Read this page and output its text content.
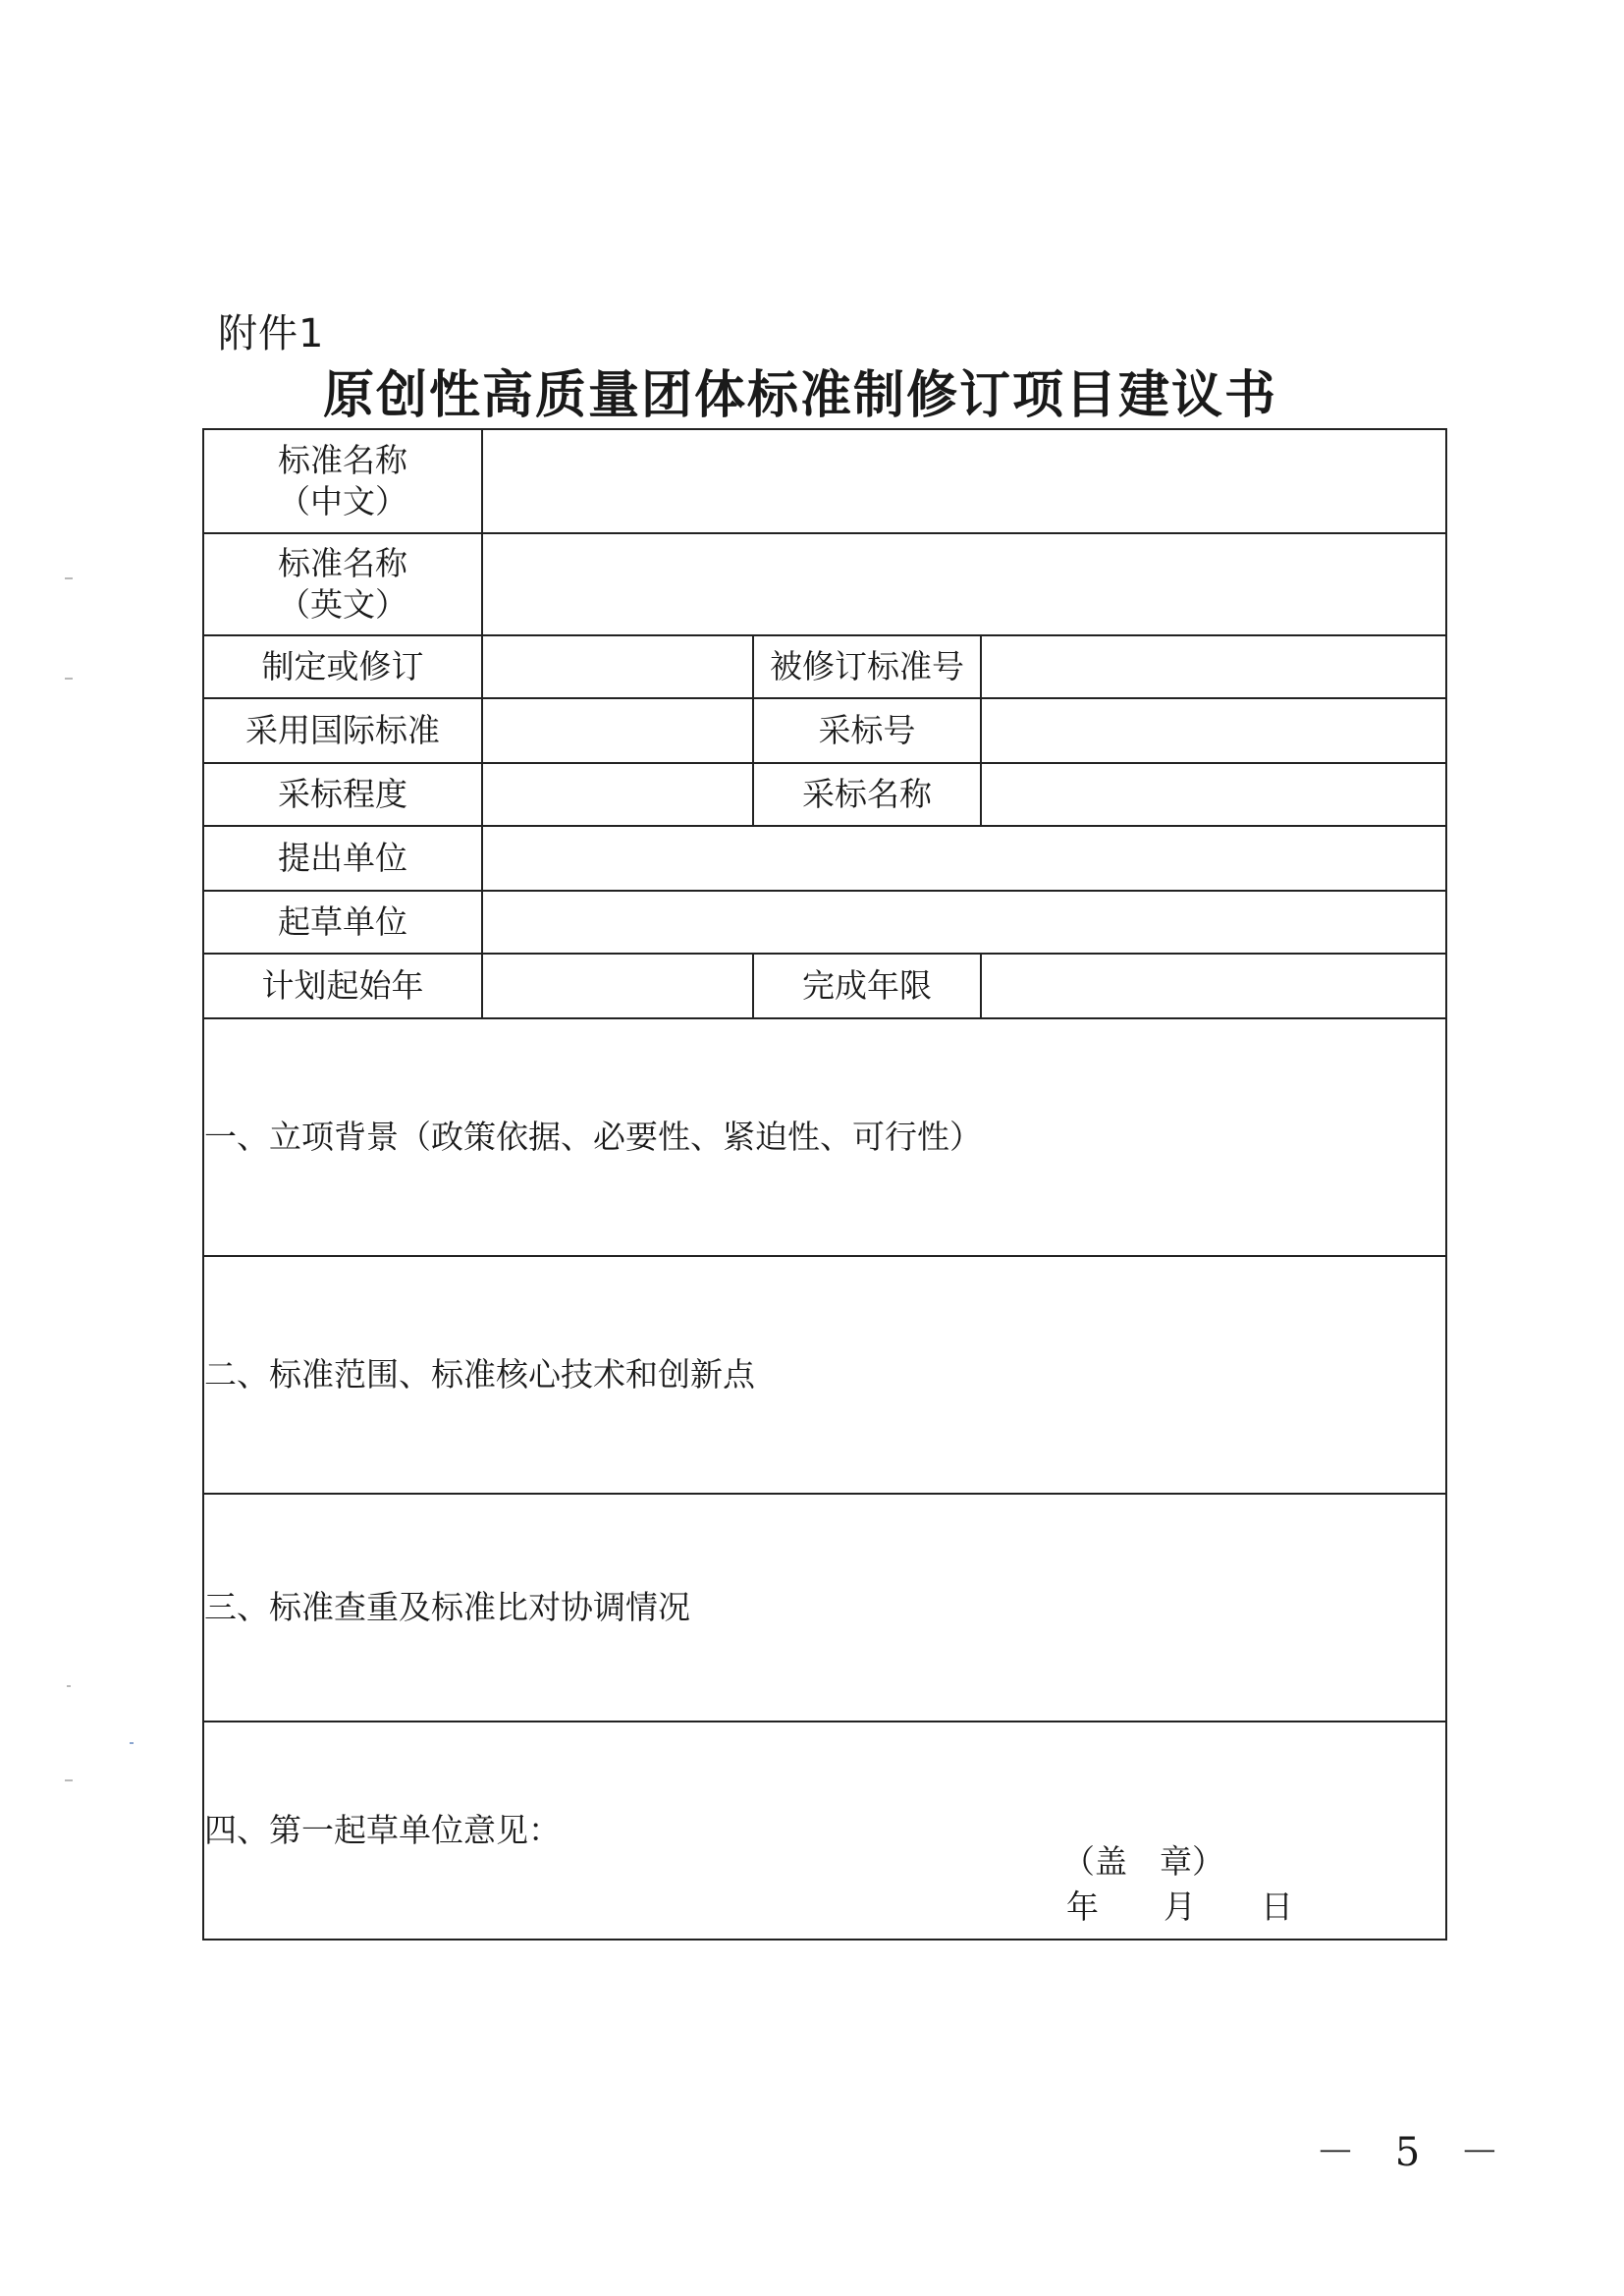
附件1
原创性高质量团体标准制修订项目建议书
标准名称
（中文）			

标准名称
（英文）			

制定或修订		被修订标准号	
采用国际标准		采标号	
采标程度		采标名称	
提出单位			
起草单位			
计划起始年		完成年限	

一、立项背景（政策依据、必要性、紧迫性、可行性）			

二、标准范围、标准核心技术和创新点			

三、标准查重及标准比对协调情况			

四、第一起草单位意见：			
（盖　章）
年　　月　　日
－ 5 －
